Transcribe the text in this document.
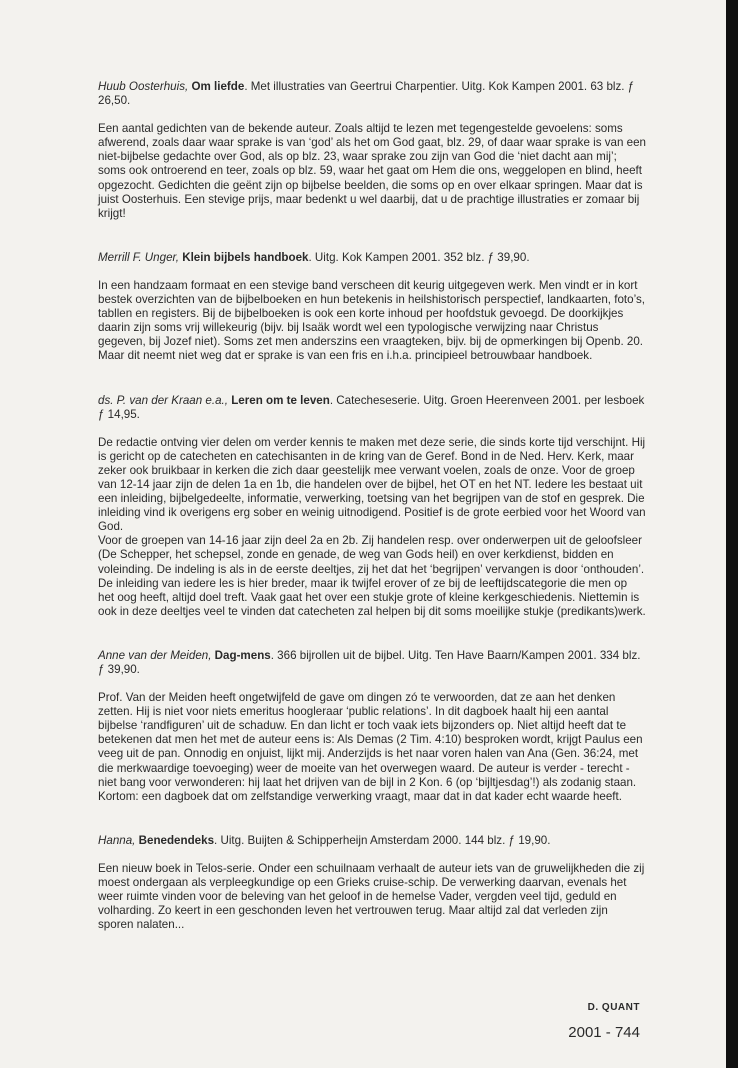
Huub Oosterhuis, Om liefde. Met illustraties van Geertrui Charpentier. Uitg. Kok Kampen 2001. 63 blz. ƒ 26,50.

Een aantal gedichten van de bekende auteur. Zoals altijd te lezen met tegengestelde gevoelens: soms afwerend, zoals daar waar sprake is van ‘god’ als het om God gaat, blz. 29, of daar waar sprake is van een niet-bijbelse gedachte over God, als op blz. 23, waar sprake zou zijn van God die ‘niet dacht aan mij’; soms ook ontroerend en teer, zoals op blz. 59, waar het gaat om Hem die ons, weggelopen en blind, heeft opgezocht. Gedichten die geënt zijn op bijbelse beelden, die soms op en over elkaar springen. Maar dat is juist Oosterhuis. Een stevige prijs, maar bedenkt u wel daarbij, dat u de prachtige illustraties er zomaar bij krijgt!

Merrill F. Unger, Klein bijbels handboek. Uitg. Kok Kampen 2001. 352 blz. ƒ 39,90.

In een handzaam formaat en een stevige band verscheen dit keurig uitgegeven werk. Men vindt er in kort bestek overzichten van de bijbelboeken en hun betekenis in heilshistorisch perspectief, landkaarten, foto’s, tabllen en registers. Bij de bijbelboeken is ook een korte inhoud per hoofdstuk gevoegd. De doorkijkjes daarin zijn soms vrij willekeurig (bijv. bij Isaäk wordt wel een typologische verwijzing naar Christus gegeven, bij Jozef niet). Soms zet men anderszins een vraagteken, bijv. bij de opmerkingen bij Openb. 20. Maar dit neemt niet weg dat er sprake is van een fris en i.h.a. principieel betrouwbaar handboek.

ds. P. van der Kraan e.a., Leren om te leven. Catecheseserie. Uitg. Groen Heerenveen 2001. per lesboek ƒ 14,95.

De redactie ontving vier delen om verder kennis te maken met deze serie, die sinds korte tijd verschijnt. Hij is gericht op de catecheten en catechisanten in de kring van de Geref. Bond in de Ned. Herv. Kerk, maar zeker ook bruikbaar in kerken die zich daar geestelijk mee verwant voelen, zoals de onze. Voor de groep van 12-14 jaar zijn de delen 1a en 1b, die handelen over de bijbel, het OT en het NT. Iedere les bestaat uit een inleiding, bijbelgedeelte, informatie, verwerking, toetsing van het begrijpen van de stof en gesprek. Die inleiding vind ik overigens erg sober en weinig uitnodigend. Positief is de grote eerbied voor het Woord van God.

Voor de groepen van 14-16 jaar zijn deel 2a en 2b. Zij handelen resp. over onderwerpen uit de geloofsleer (De Schepper, het schepsel, zonde en genade, de weg van Gods heil) en over kerkdienst, bidden en voleinding. De indeling is als in de eerste deeltjes, zij het dat het ‘begrijpen’ vervangen is door ‘onthouden’. De inleiding van iedere les is hier breder, maar ik twijfel erover of ze bij de leeftijdscategorie die men op het oog heeft, altijd doel treft. Vaak gaat het over een stukje grote of kleine kerkgeschiedenis. Niettemin is ook in deze deeltjes veel te vinden dat catecheten zal helpen bij dit soms moeilijke stukje (predikants)werk.

Anne van der Meiden, Dag-mens. 366 bijrollen uit de bijbel. Uitg. Ten Have Baarn/Kampen 2001. 334 blz. ƒ 39,90.

Prof. Van der Meiden heeft ongetwijfeld de gave om dingen zó te verwoorden, dat ze aan het denken zetten. Hij is niet voor niets emeritus hoogleraar ‘public relations’. In dit dagboek haalt hij een aantal bijbelse ‘randfiguren’ uit de schaduw. En dan licht er toch vaak iets bijzonders op. Niet altijd heeft dat te betekenen dat men het met de auteur eens is: Als Demas (2 Tim. 4:10) besproken wordt, krijgt Paulus een veeg uit de pan. Onnodig en onjuist, lijkt mij. Anderzijds is het naar voren halen van Ana (Gen. 36:24, met die merkwaardige toevoeging) weer de moeite van het overwegen waard. De auteur is verder - terecht - niet bang voor verwonderen: hij laat het drijven van de bijl in 2 Kon. 6 (op ‘bijltjesdag’!) als zodanig staan. Kortom: een dagboek dat om zelfstandige verwerking vraagt, maar dat in dat kader echt waarde heeft.

Hanna, Benedendeks. Uitg. Buijten & Schipperheijn Amsterdam 2000. 144 blz. ƒ 19,90.

Een nieuw boek in Telos-serie. Onder een schuilnaam verhaalt de auteur iets van de gruwelijkheden die zij moest ondergaan als verpleegkundige op een Grieks cruise-schip. De verwerking daarvan, evenals het weer ruimte vinden voor de beleving van het geloof in de hemelse Vader, vergden veel tijd, geduld en volharding. Zo keert in een geschonden leven het vertrouwen terug. Maar altijd zal dat verleden zijn sporen nalaten...

D. QUANT
2001 - 744
